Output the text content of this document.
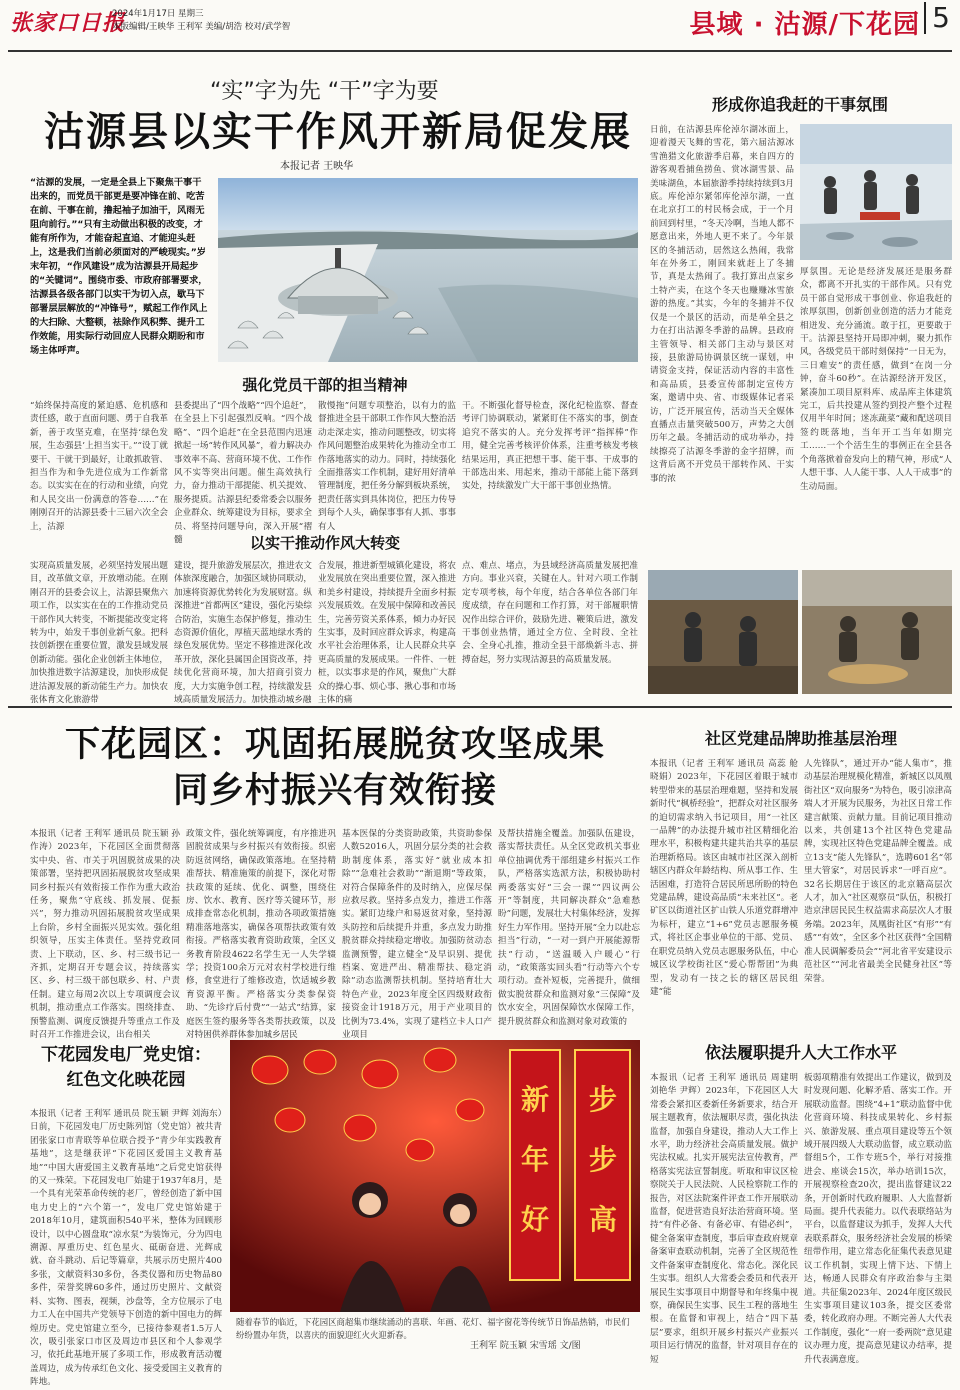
张家口日报
2024年1月17日 星期三
本版编辑/王映华 王利军 美编/胡浩 校对/武学智	县域 · 沽源/下花园 5
“实”字为先 “干”字为要
沽源县以实干作风开新局促发展
本报记者 王映华
“沽源的发展，一定是全县上下聚焦干事干出来的，而党员干部更是要冲锋在前、吃苦在前、干事在前，撸起袖子加油干，风雨无阻向前行。”“只有主动做出积极的改变，才能有所作为，才能奋起直追、才能迎头赶上，这是我们当前必须面对的严峻现实。”岁末年初，“作风建设”成为沽源县开局起步的“关键词”。围绕市委、市政府部署要求，沽源县各级各部门以实干为切入点，歇马下部署层层解放的“冲锋号”，赋起工作作风上的大扫除、大整顿，祛除作风积弊、提升工作效能，用实际行动回应人民群众期盼和市场主体呼声。
形成你追我赶的干事氛围
日前，在沽源县库伦淖尔湖冰面上，迎着漫天飞舞的雪花，第六届沽源冰雪渔猎文化旅游季启幕，来自四方的游客观看捕鱼捞鱼、赏冰湖雪景、品美味湖鱼，本届旅游季持续持续到3月底。库伦淖尔紧邻库伦淖尔湖，一直在北京打工的村民杨会成，于一个月前回到村里，“冬天冷啊，当地人都不愿意出来，外地人更不来了。今年景区的冬捕活动，居然这么热闹，我常年在外务工，刚回来就赶上了冬捕节，真是太热闹了。我打算出点家乡土特产卖，在这个冬天也赚赚冰雪旅游的热度。”其实，今年的冬捕并不仅仅是一个景区的活动，而是单全县之力在打出沽源冬季游的品牌。县政府主管领导、相关部门主动与景区对接，县旅游局协调景区统一谋划，申请资金支持，保证活动内容的丰富性和高品质，县委宣传部制定宣传方案，邀请中央、省、市级媒体记者采访，广泛开展宣传，活动当天全媒体直播点击量突破500万，声势之大创历年之最。冬捕活动的成功举办，持续擦亮了沽源冬季游的金字招牌，而这背后离不开党员干部转作风、干实事的浓
厚氛围。无论是经济发展还是服务群众，都离不开扎实的干部作风。只有党员干部自觉形成干事创业、你追我赶的浓厚氛围，创新创业创造的活力才能竞相迸发、充分涌流。敢于扛，更要敢于干。沽源县坚持开局即冲刺，聚力抓作风，各级党员干部时刻保持“一日无为，三日难安”的责任感，做到“在岗一分钟，奋斗60秒”。在沽源经济开发区，紧凑加工项目原料库、成品库主体建筑完工，后共投建从签约到投产整个过程仅用半年时间；迷冻蔬菜“藏和配送项目签约既落地，当年开工当年如期完工……一个个活生生的事例正在全县各个角落掀着奋发向上的精气神，形成“人人想干事、人人能干事、人人干成事”的生动局面。
强化党员干部的担当精神
“始终保持高度的紧迫感、危机感和责任感，敢于直面问题、勇于自我革新，善于攻坚克难，在坚持‘绿色发展，生态强县’上担当实干。”“设丁就要干、干就干到最好，让敢抓敢管、担当作为和争先进位成为工作新常态。以实实在在的行动和业绩，向党和人民交出一份满意的答卷……”在刚刚召开的沽源县委十三届六次全会上，沽源
县委提出了“四个战略”“四个追赶”，在全县上下引起强烈反响。“四个战略”、“四个追赶”在全县范围内迅速掀起一场“转作风风暴”，着力解决办事效率不高、营商环境不优、工作作风不实等突出问题。催生高效执行力，奋力推动干部提能、机关提效、服务提质。沽源县纪委常委会以服务企业群众、统筹建设为目标，要求全员、将坚持问题导向，深入开展“褶髓
散慢拖”问题专项整治，以有力的监督推进全县干部职工作作风大整治活动走深走实，推动问题整改，切实将作风问题整治成果转化为推动全市工作落地落实的动力。同时，持续强化全面推落实工作机制，建好用好清单管理制度，把任务分解到板块系统，把责任落实到具体岗位，把压力传导到每个人头，确保事事有人抓、事事有人
干。不断强化督导检查，深化纪检监察、督查考评门协调联动，紧紧盯住不落实的事，倒查追究不落实的人。充分发挥考评“指挥棒”作用，健全完善考核评价体系，注重考核发考核结果运用，真正把想干事、能干事、干成事的干部选出来、用起来，推动干部能上能下落到实处，持续激发广大干部干事创业热情。
以实干推动作风大转变
实现高质量发展，必须坚持发展出题目，改革做文章，开放增动能。在刚刚召开的县委会议上，沽源县聚焦六项工作，以实实在在的工作推动党员干部作风大转变，不断提能改变定将转为中，始发千事创业新气象。把科技创新摆在重要位置，激发县域发展创新动能。强化企业创新主体地位，加快推进数字沽源建设，加快形成促进沽源发展的新动能生产力。加快农张体育文化旅游带
建设，提升旅游发展层次，推进农文体旅深度融合，加强区域协同联动，加速将资源优势转化为发展财富。纵深推进“首都两区”建设，强化污染综合防治，实施生态保护修复，推动生态资源价值化，厚植天蓝地绿水秀的绿色发展优势。坚定不移推进深化改革开放，深化县属国企国资改革，持续优化营商环境，加大招商引资力度，大力实施争创工程，持续激发县域高质量发展活力。加快推动城乡融
合发展，推进新型城镇化建设，将农业发展放在突出重要位置，深入推进和美乡村建设，持续提升全面乡村振兴发展质效。在发展中保障和改善民生，完善劳资关系体系，倾力办好民生实事，及时回应群众诉求，构建高水平社会治理体系，让人民群众共享更高质量的发展成果。一件件、一桩桩，以实事求是的作风，聚焦广大群众的操心事、烦心事、揪心事和市场主体的痛
点、难点、堵点，为县域经济高质量发展把准方向。事业兴衰，关键在人。针对六项工作制定专项考核，每个年度，结合各单位各部门年度成绩，存在问题和工作打算，对干部履职情况作出综合评价，鼓励先进、鞭策后进，激发干事创业热情，通过全方位、全时段、全社会、全身心扎推，推动全县干部焕新斗志、拼搏奋起，努力实现沽源县的高质量发展。
下花园区：巩固拓展脱贫攻坚成果
同乡村振兴有效衔接
本报讯（记者 王利军 通讯员 院玉颖 孙作涛）2023年，下花园区全面贯彻落实中央、省、市关于巩固脱贫成果的决策部署，坚持把巩固拓展脱贫攻坚成果同乡村振兴有效衔接工作作为重大政治任务，聚焦“守底线、抓发展、促振兴”，努力推动巩固拓展脱贫攻坚成果上台阶，乡村全面振兴见实效。强化组织领导，压实主体责任。坚持党政同责、上下联动，区、乡、村三级书记一齐抓，定期召开专题会议，持续落实区、乡、村三级干部包联乡、村、户责任制。建立每周2次以上专项调度会议机制，推动重点工作落实。围绕排查、预警监测、调度反馈提升等重点工作及时召开工作推进会议，出台相关
政策文件，强化统筹调度，有序推进巩固脱贫成果与乡村振兴有效衔接。织密防返贫网络，确保政策落地。在坚持精准帮扶、精准施策的前提下，深化对帮扶政策的延续、优化、调整，围绕住房、饮水、教育、医疗等关键环节，形成排查常态化机制，推动各项政策措施精准落地落实，确保各项帮扶政策有效衔接。严格落实教育资助政策，全区义务教育阶段4622名学生无一人失学辍学；投资100余万元对农村学校进行维修，食堂进行了维修改造，饮适城乡教育资源平衡。严格落实分类参保资助、“先诊疗后付费”“一站式”结算，家庭医生签约服务等各类帮扶政策，以及对特困供养群体参加城乡居民
基本医保的分类资助政策，共资助参保人数52016人，巩固分层分类的社会救助制度体系，落实好“就业成本扣除”“急难社会救助”“渐退期”等政策，对符合保障条件的及时纳入，应保尽保应救尽救。坚持多点发力，推进工作落实。紧盯边缘户和易返贫对象，坚持源头防控和后续提升并重，多点发力助推脱贫群众持续稳定增收。加强防贫动态监测预警，建立健全“及早识别、提优档案、宽进严出、精准帮扶、稳定消除”动态监测帮扶机制。坚持培育壮大特色产业，2023年度全区四级财政衔接资金计1918万元，用于产业项目的比例为73.4%，实现了建档立卡人口产业项目
及帮扶措施全覆盖。加强队伍建设，落实帮扶责任。从全区党政机关事业单位抽调优秀干部组建乡村振兴工作队，严格落实选派方法，积极协助村两委落实好“三会一课”“四议两公开”等制度，共同解决群众“急难愁盼”问题，发展壮大村集体经济，发挥好生力军作用。坚持开展“全力以赴忘担当”行动，“一对一到户开展能源帮扶”行动，“送温暖入户暖心”行动，“政策落实回头看”行动等六个专项行动。查补短板，完善提升，做细做实脱贫群众和监测对象“三保障”及饮水安全，巩固保障饮水保障工作，提升脱贫群众和监测对象对政策的
社区党建品牌助推基层治理
本报讯（记者 王利军 通讯员 高蕊 舱晓娟）2023年，下花园区着眼于城市转型带来的基层治理难题，坚持和发展新时代“枫桥经验”，把群众对社区服务的迫切需求纳入书记项目，用“一社区一品牌”的办法提升城市社区精细化治理水平，积极构建共建共治共享的基层治理新格局。该区由城市社区深入剖析辖区内群众年龄结构、所从事工作、生活困难，打造符合居民所思所盼的特色党建品牌，建设高品质“未来社区”。老矿区以街道社区扩山铁人乐道党群增冲为标杆，建立“1+6”党员志愿服务模式，将社区企事业单位的干部、党员、在职党员纳入党员志愿服务队伍，中心城区议学校街社区“爱心帮帮团”为典型，发动有一技之长的辖区居民组建“能
人先锋队”，通过开办“能人集市”，推动基层治理规模化精准，新城区以凤凰街社区“双向服务”为特色，吸引凉津高端人才开展为民服务，为社区日常工作建言献策、贡献力量。目前记项目推动以来，共创建13个社区特色党建品牌，实现社区特色党建品牌全覆盖。成立13支“能人先锋队”，选聘601名“邻里大管家”，对居民诉求“一呼百应”。32名长期居住于该区的北京籍高层次人才，加入“社区观察员”队伍，积极打造京津居民民生权益需求高层次人才服务端。2023年，凤凰街社区“有形”“有感”“有效”，全区多个社区获得“全国精准人民调解委员会”“河北省平安建设示范社区”“河北省最美全民健身社区”等荣誉。
依法履职提升人大工作水平
本报讯（记者 王利军 通讯员 周建明 刘艳华 尹辉）2023年，下花园区人大常委会紧扣区委新任务新要求，结合开展主题教育，依法履职尽责，强化执法监督，加强自身建设，推动人大工作上水平，助力经济社会高质量发展。做护宪法权威。扎实开展宪法宣传教育，严格落实宪法宣誓制度。听取和审议区检察院关于人民法院、人民检察院工作的报告，对区法院案件评查工作开展联动监督，促进营造良好法治营商环境。坚持“有件必备、有备必审、有错必纠”，健全备案审查制度，事后审查政府规章备案审查联动机制，完善了全区规范性文件备案审查制度化、常态化。深化民生实事。组织人大常委会委员和代表开展民生实事项目中期督导和年终集中视察，确保民生实事、民生工程的落地生根。在监督和审视上，结合“四下基层”要求，组织开展乡村振兴产业振兴项目运行情况的监督，针对项目存在的短
板弱项精准有效提出工作建议，做到及时发现问题、化解矛盾、落实工作。开展联动监督。围绕“4+1”联动监督中优化营商环境、科技成果转化、乡村振兴、旅游发展、重点项目建设等五个领域开展四级人大联动监督，成立联动监督组5个，工作专班5个，举行对接推进会、座谈会15次，举办培训15次，开展视察检查20次，提出监督建议22条，开创新时代政府履职、人大监督新局面。提升代表能力。以代表联络站为平台，以监督建议为抓手，发挥人大代表联系群众，服务经济社会发展的桥梁纽带作用，建立常态化征集代表意见建议工作机制，实现上情下达、下情上达，畅通人民群众有序政治参与主渠道。共征集2023年、2024年度区级民生实事项目建议103条，提交区委常委，转化政府办理。不断完善人大代表工作制度，强化“一府一委两院”意见建议办理力度，提高意见建议办结率，提升代表满意度。
下花园发电厂党史馆：
红色文化映花园
本报讯（记者 王利军 通讯员 院玉颖 尹辉 刘海东）日前，下花园发电厂历史陈列馆（党史馆）被共青团张家口市青联等单位联合授予“青少年实践教育基地”，这是继获评“下花园区爱国主义教育基地”“中国大唐爱国主义教育基地”之后党史馆获得的又一殊荣。下花园发电厂始建于1937年8月，是一个具有光荣革命传统的老厂，曾经创造了新中国电力史上的“六个第一”，发电厂党史馆始建于2018年10月，建筑面积540平米，整体为回顾形设计，以中心圆盘取“凉水泵”为装饰元，分为四电溯源、厚重历史、红色星火、砥砺奋进、光辉成就、奋斗跳动、后记等篇章，共展示历史照片400多张，文献资料30多份，各类仪器和历史物品80多件，荣誉奖牌60多件，通过历史照片、文献资料、实物、图表，视频，沙盘等，全方位展示了电力工人在中国共产党领导下创造的新中国电力的辉煌历史。党史馆建立至今，已接待参观者1.5万人次，吸引张家口市区及周边市县区和个人参观学习，依托此基地开展了多项工作，形成教育活动覆盖周边，成为传承红色文化、接受爱国主义教育的阵地。
新年好
步步高
随着春节的临近，下花园区商超集市继续涌动的喜联、年画、花灯、福字窗花等传统节日饰品热销，市民们纷纷置办年货，以喜庆的面貌迎红火火迎新春。
王利军 院玉颖 宋雪瑶 文/图
